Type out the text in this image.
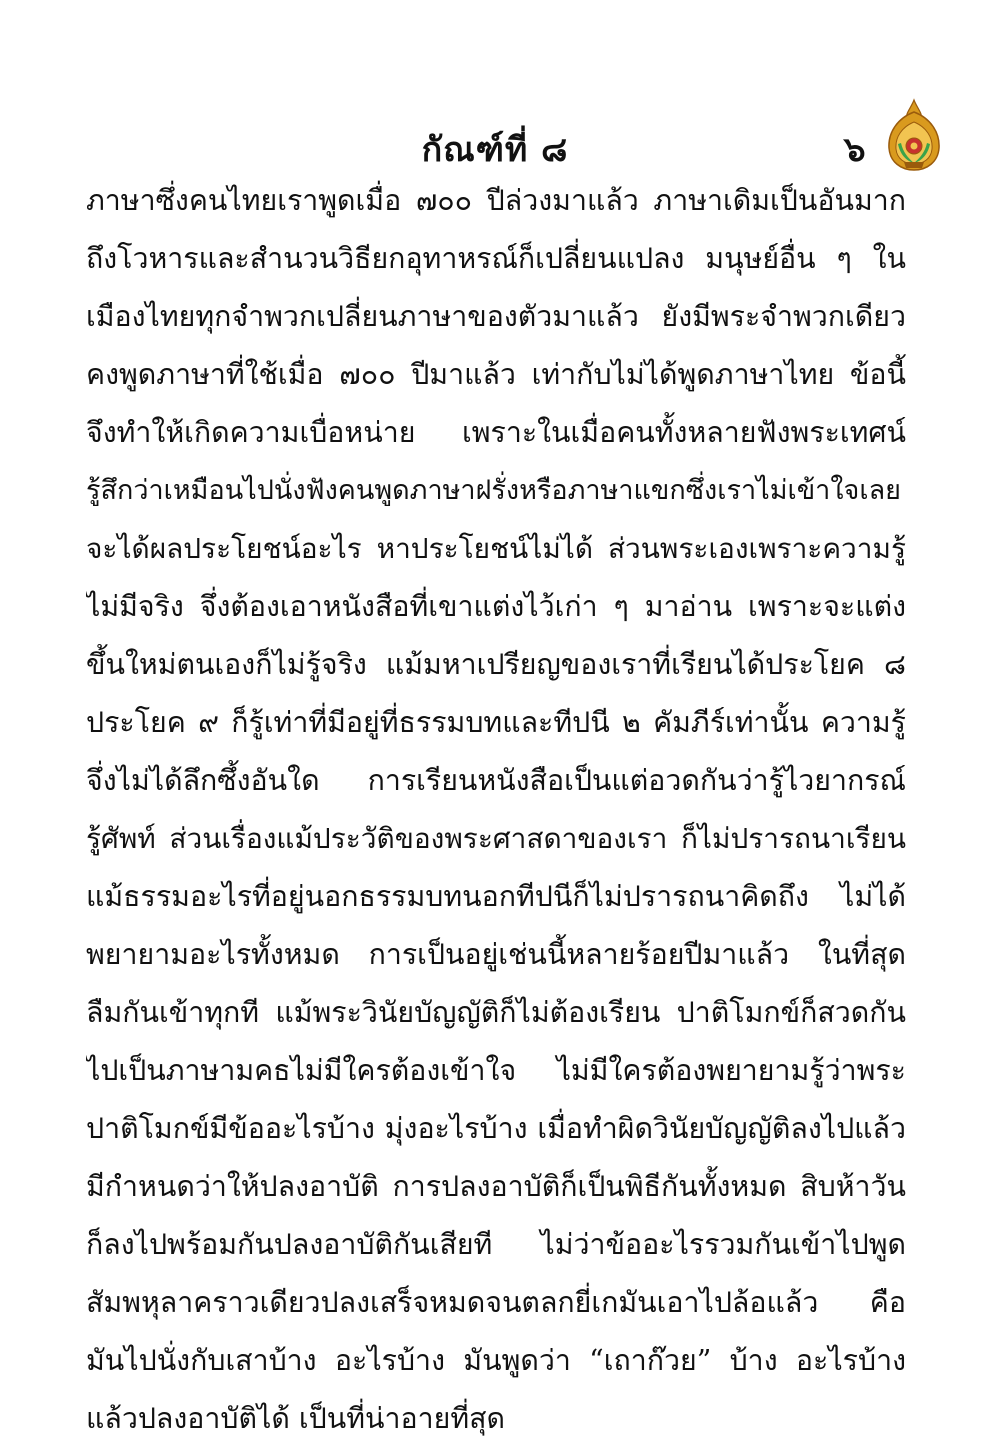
กัณฑ์ที่ ๘	๖
ภาษาซึ่งคนไทยเราพูดเมื่อ ๗๐๐ ปีล่วงมาแล้ว ภาษาเดิมเป็นอันมาก
ถึงโวหารและสำนวนวิธียกอุทาหรณ์ก็เปลี่ยนแปลง มนุษย์อื่น ๆ ใน
เมืองไทยทุกจำพวกเปลี่ยนภาษาของตัวมาแล้ว ยังมีพระจำพวกเดียว
คงพูดภาษาที่ใช้เมื่อ ๗๐๐ ปีมาแล้ว เท่ากับไม่ได้พูดภาษาไทย ข้อนี้
จึงทำให้เกิดความเบื่อหน่าย เพราะในเมื่อคนทั้งหลายฟังพระเทศน์
รู้สึกว่าเหมือนไปนั่งฟังคนพูดภาษาฝรั่งหรือภาษาแขกซึ่งเราไม่เข้าใจเลย
จะได้ผลประโยชน์อะไร หาประโยชน์ไม่ได้ ส่วนพระเองเพราะความรู้
ไม่มีจริง จึ่งต้องเอาหนังสือที่เขาแต่งไว้เก่า ๆ มาอ่าน เพราะจะแต่ง
ขึ้นใหม่ตนเองก็ไม่รู้จริง แม้มหาเปรียญของเราที่เรียนได้ประโยค ๘
ประโยค ๙ ก็รู้เท่าที่มีอยู่ที่ธรรมบทและทีปนี ๒ คัมภีร์เท่านั้น ความรู้
จึ่งไม่ได้ลึกซึ้งอันใด การเรียนหนังสือเป็นแต่อวดกันว่ารู้ไวยากรณ์
รู้ศัพท์ ส่วนเรื่องแม้ประวัติของพระศาสดาของเรา ก็ไม่ปรารถนาเรียน
แม้ธรรมอะไรที่อยู่นอกธรรมบทนอกทีปนีก็ไม่ปรารถนาคิดถึง ไม่ได้
พยายามอะไรทั้งหมด การเป็นอยู่เช่นนี้หลายร้อยปีมาแล้ว ในที่สุด
ลืมกันเข้าทุกที แม้พระวินัยบัญญัติก็ไม่ต้องเรียน ปาติโมกข์ก็สวดกัน
ไปเป็นภาษามคธไม่มีใครต้องเข้าใจ ไม่มีใครต้องพยายามรู้ว่าพระ
ปาติโมกข์มีข้ออะไรบ้าง มุ่งอะไรบ้าง เมื่อทำผิดวินัยบัญญัติลงไปแล้ว
มีกำหนดว่าให้ปลงอาบัติ การปลงอาบัติก็เป็นพิธีกันทั้งหมด สิบห้าวัน
ก็ลงไปพร้อมกันปลงอาบัติกันเสียที ไม่ว่าข้ออะไรรวมกันเข้าไปพูด
สัมพหุลาคราวเดียวปลงเสร็จหมดจนตลกยี่เกมันเอาไปล้อแล้ว คือ
มันไปนั่งกับเสาบ้าง อะไรบ้าง มันพูดว่า “เถาก๊วย” บ้าง อะไรบ้าง
แล้วปลงอาบัติได้ เป็นที่น่าอายที่สุด
